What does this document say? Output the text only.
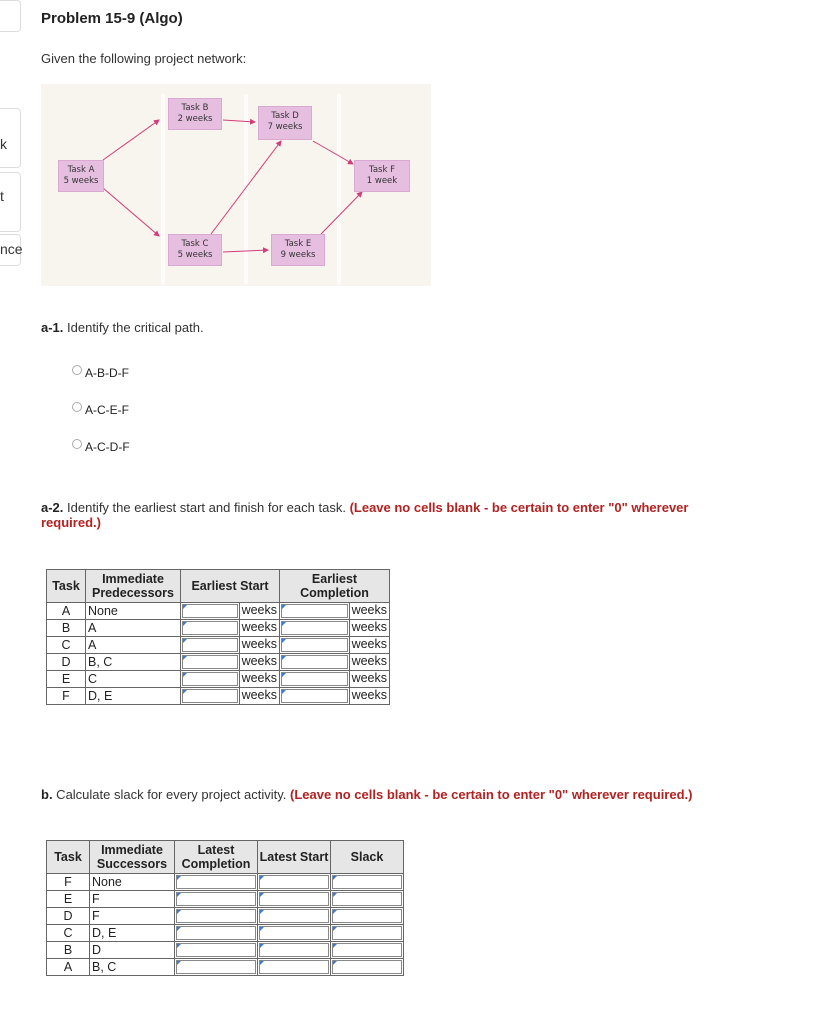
k
t
nce
Problem 15-9 (Algo)
Given the following project network:
Task A
5 weeks
Task B
2 weeks
Task C
5 weeks
Task D
7 weeks
Task E
9 weeks
Task F
1 week
a-1. Identify the critical path.
A-B-D-F
A-C-E-F
A-C-D-F
a-2. Identify the earliest start and finish for each task. (Leave no cells blank - be certain to enter "0" wherever required.)
Task	Immediate Predecessors	Earliest Start	Earliest Completion
A	None	weeks	weeks

B	A	weeks	weeks

C	A	weeks	weeks

D	B, C	weeks	weeks

E	C	weeks	weeks

F	D, E	weeks	weeks
b. Calculate slack for every project activity. (Leave no cells blank - be certain to enter "0" wherever required.)
Task	Immediate Successors	Latest Completion	Latest Start	Slack
F	None	

E	F	

D	F	

C	D, E	

B	D	

A	B, C	
